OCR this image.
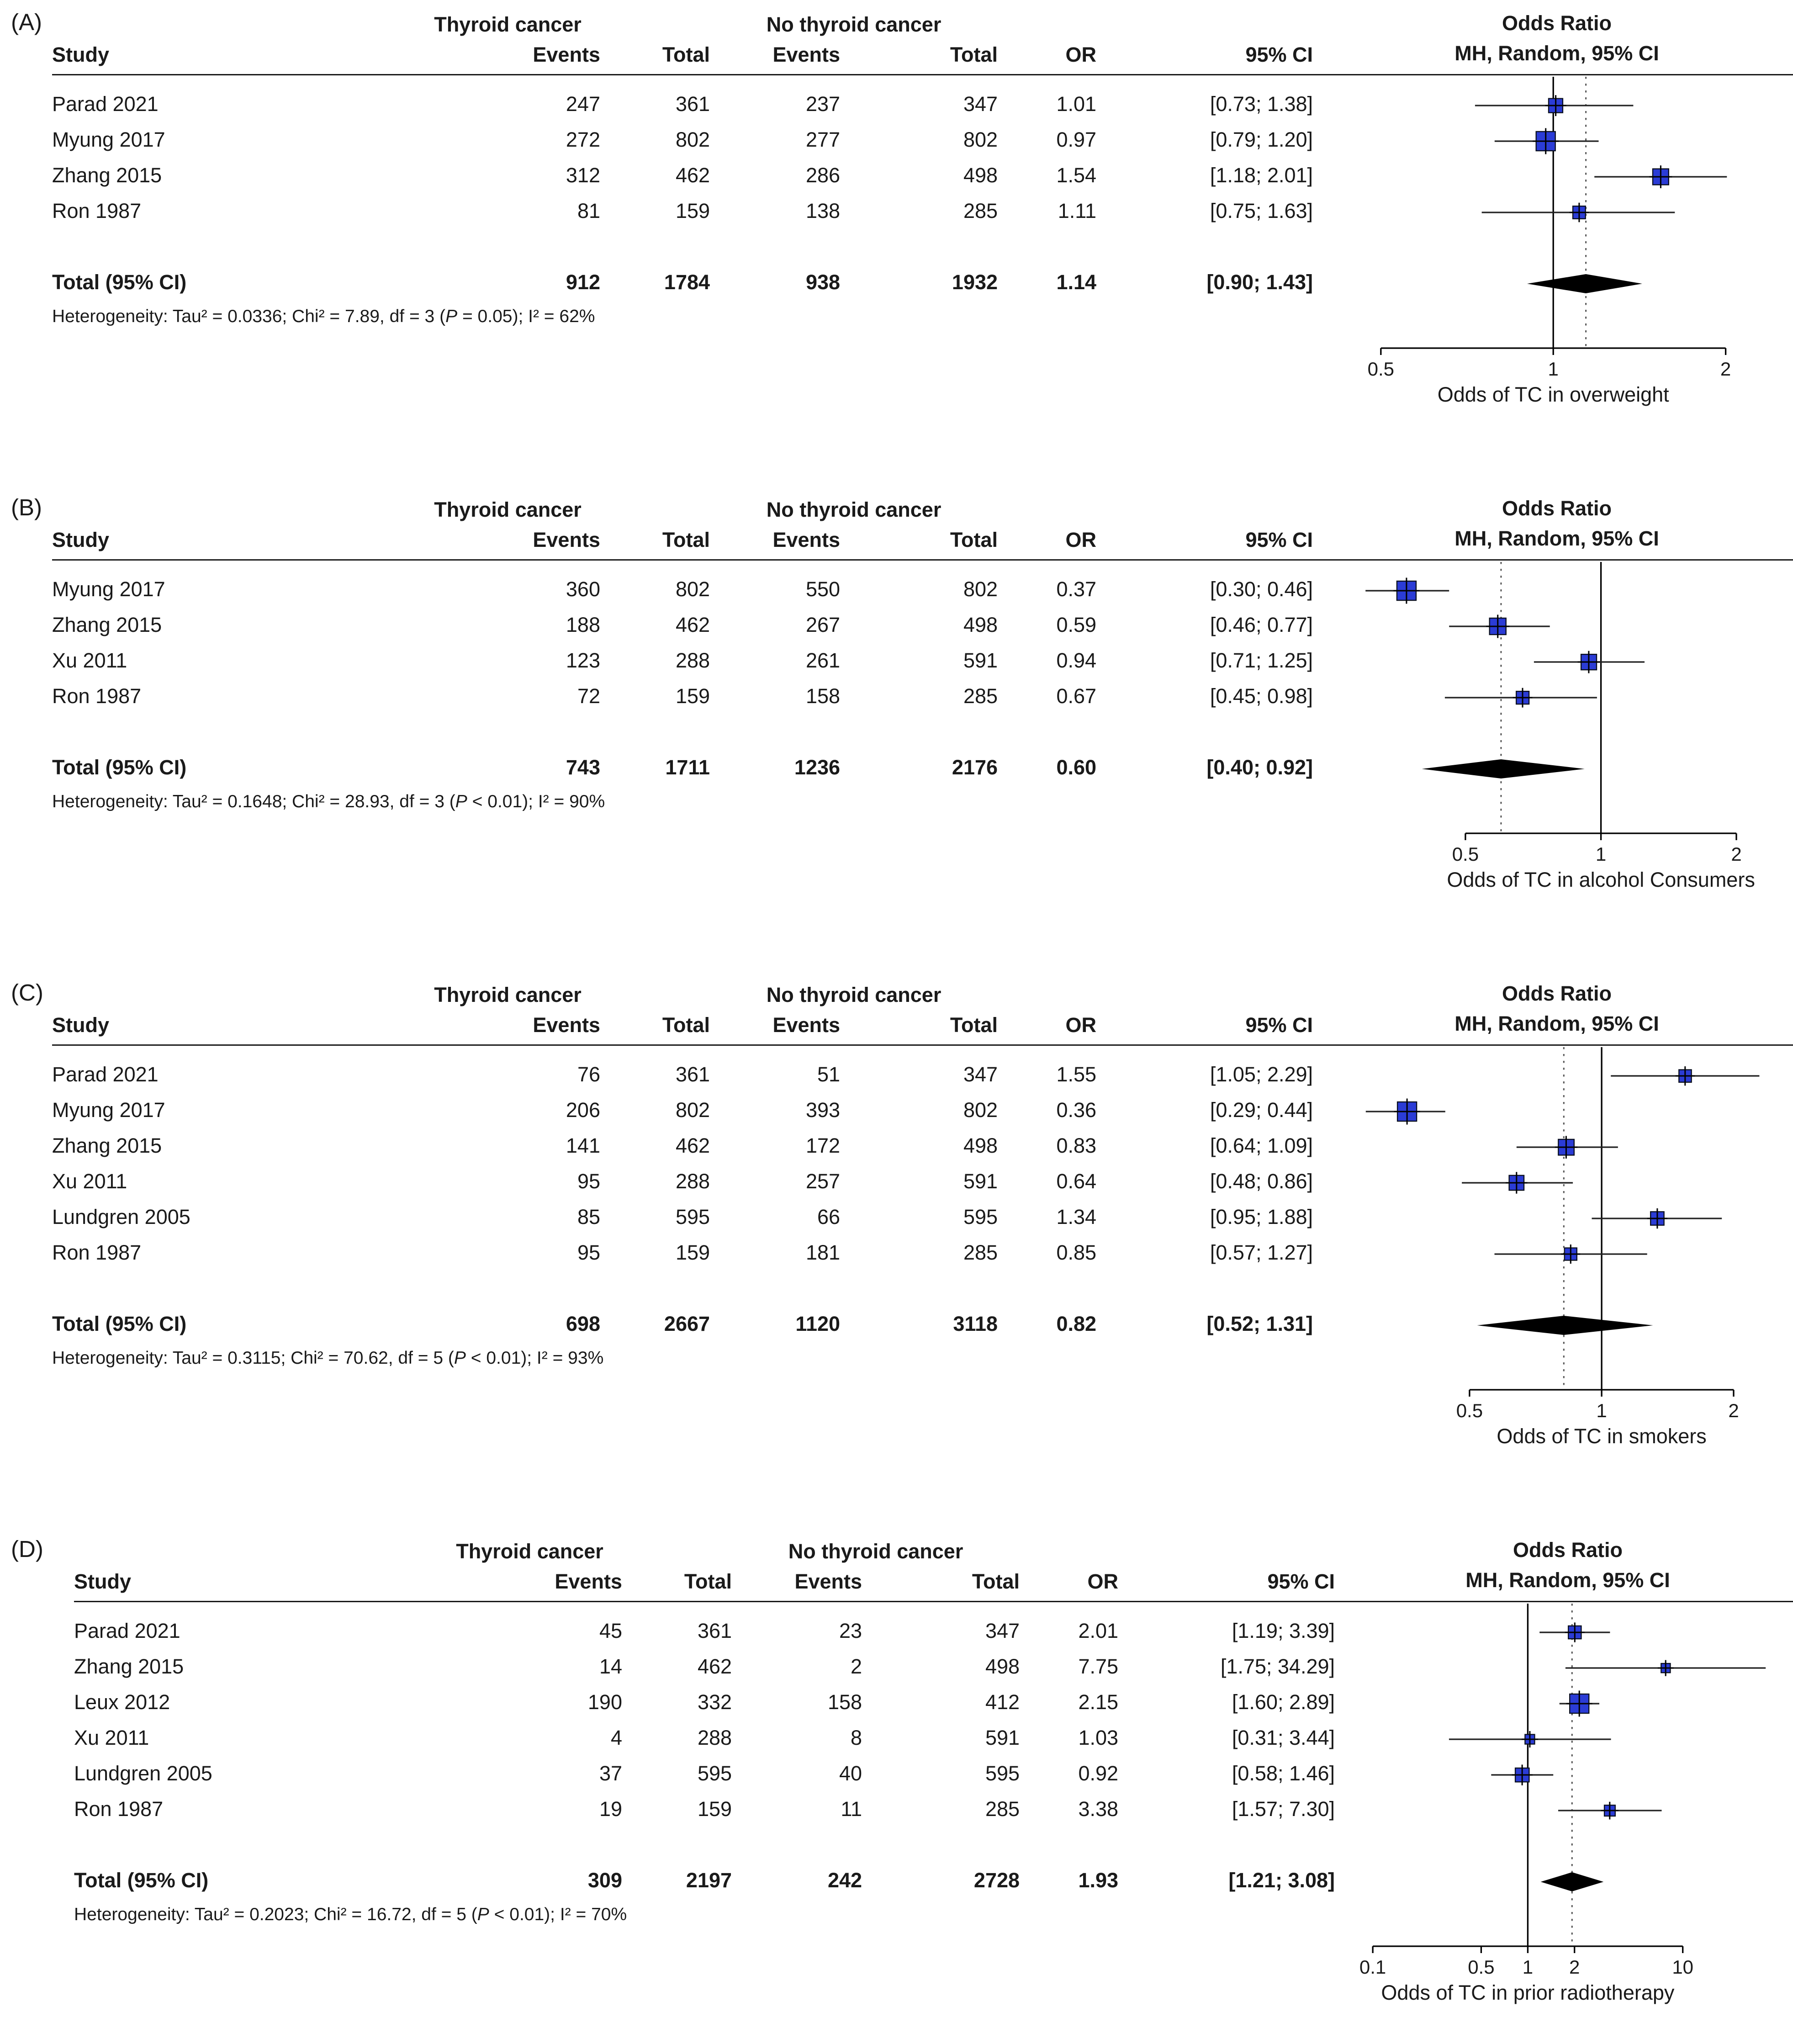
(A)
		Thyroid cancer		No thyroid cancer			
Study	Events	Total	Events	Total	OR	95% CI

Parad 2021	247	361	237	347	1.01	[0.73; 1.38]
Myung 2017	272	802	277	802	0.97	[0.79; 1.20]
Zhang 2015	312	462	286	498	1.54	[1.18; 2.01]
Ron 1987	81	159	138	285	1.11	[0.75; 1.63]

Total (95% CI)	912	1784	938	1932	1.14	[0.90; 1.43]
Heterogeneity: Tau² = 0.0336; Chi² = 7.89, df = 3 (P = 0.05); I² = 62%
Odds Ratio
MH, Random, 95% CI
0.5	1	2
Odds of TC in overweight
(B)
		Thyroid cancer		No thyroid cancer			
Study	Events	Total	Events	Total	OR	95% CI

Myung 2017	360	802	550	802	0.37	[0.30; 0.46]
Zhang 2015	188	462	267	498	0.59	[0.46; 0.77]
Xu 2011	123	288	261	591	0.94	[0.71; 1.25]
Ron 1987	72	159	158	285	0.67	[0.45; 0.98]

Total (95% CI)	743	1711	1236	2176	0.60	[0.40; 0.92]
Heterogeneity: Tau² = 0.1648; Chi² = 28.93, df = 3 (P < 0.01); I² = 90%
Odds Ratio
MH, Random, 95% CI
0.5	1	2
Odds of TC in alcohol Consumers
(C)
		Thyroid cancer		No thyroid cancer			
Study	Events	Total	Events	Total	OR	95% CI

Parad 2021	76	361	51	347	1.55	[1.05; 2.29]
Myung 2017	206	802	393	802	0.36	[0.29; 0.44]
Zhang 2015	141	462	172	498	0.83	[0.64; 1.09]
Xu 2011	95	288	257	591	0.64	[0.48; 0.86]
Lundgren 2005	85	595	66	595	1.34	[0.95; 1.88]
Ron 1987	95	159	181	285	0.85	[0.57; 1.27]

Total (95% CI)	698	2667	1120	3118	0.82	[0.52; 1.31]
Heterogeneity: Tau² = 0.3115; Chi² = 70.62, df = 5 (P < 0.01); I² = 93%
Odds Ratio
MH, Random, 95% CI
0.5	1	2
Odds of TC in smokers
(D)
		Thyroid cancer		No thyroid cancer			
Study	Events	Total	Events	Total	OR	95% CI

Parad 2021	45	361	23	347	2.01	[1.19; 3.39]
Zhang 2015	14	462	2	498	7.75	[1.75; 34.29]
Leux 2012	190	332	158	412	2.15	[1.60; 2.89]
Xu 2011	4	288	8	591	1.03	[0.31; 3.44]
Lundgren 2005	37	595	40	595	0.92	[0.58; 1.46]
Ron 1987	19	159	11	285	3.38	[1.57; 7.30]

Total (95% CI)	309	2197	242	2728	1.93	[1.21; 3.08]
Heterogeneity: Tau² = 0.2023; Chi² = 16.72, df = 5 (P < 0.01); I² = 70%
Odds Ratio
MH, Random, 95% CI
0.1	0.5	1	2	10
Odds of TC in prior radiotherapy
